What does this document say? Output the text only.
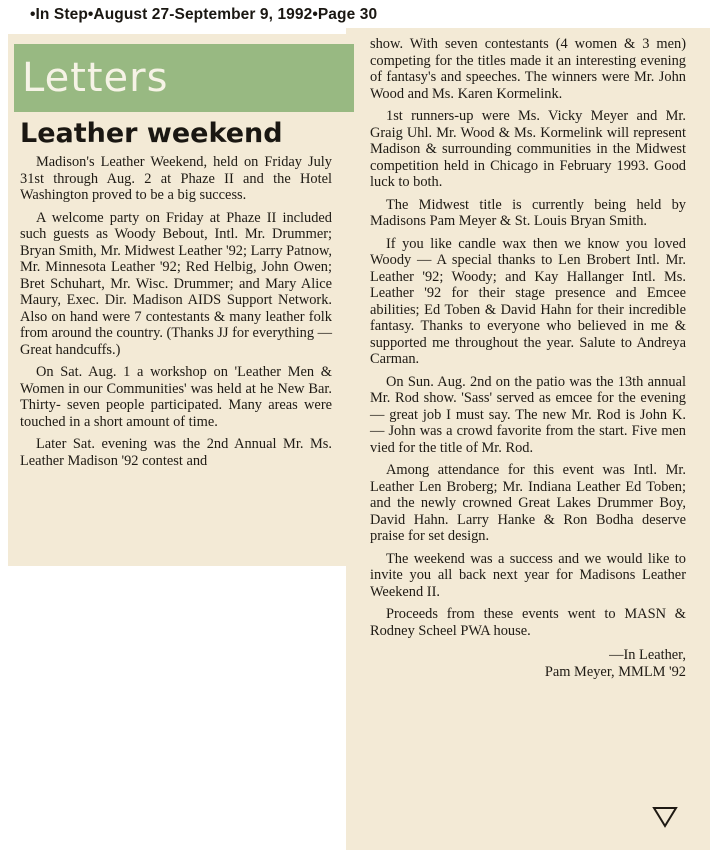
•In Step•August 27-September 9, 1992•Page 30
Letters
Leather weekend

Madison's Leather Weekend, held on Friday July 31st through Aug. 2 at Phaze II and the Hotel Washington proved to be a big success.

A welcome party on Friday at Phaze II included such guests as Woody Bebout, Intl. Mr. Drummer; Bryan Smith, Mr. Midwest Leather '92; Larry Patnow, Mr. Minnesota Leather '92; Red Helbig, John Owen; Bret Schuhart, Mr. Wisc. Drummer; and Mary Alice Maury, Exec. Dir. Madison AIDS Support Network. Also on hand were 7 contestants & many leather folk from around the country. (Thanks JJ for everything — Great handcuffs.)

On Sat. Aug. 1 a workshop on 'Leather Men & Women in our Communities' was held at he New Bar. Thirty- seven people participated. Many areas were touched in a short amount of time.

Later Sat. evening was the 2nd Annual Mr. Ms. Leather Madison '92 contest and

show. With seven contestants (4 women & 3 men) competing for the titles made it an interesting evening of fantasy's and speeches. The winners were Mr. John Wood and Ms. Karen Kormelink.

1st runners-up were Ms. Vicky Meyer and Mr. Graig Uhl. Mr. Wood & Ms. Kormelink will represent Madison & surrounding communities in the Midwest competition held in Chicago in February 1993. Good luck to both.

The Midwest title is currently being held by Madisons Pam Meyer & St. Louis Bryan Smith.

If you like candle wax then we know you loved Woody — A special thanks to Len Brobert Intl. Mr. Leather '92; Woody; and Kay Hallanger Intl. Ms. Leather '92 for their stage presence and Emcee abilities; Ed Toben & David Hahn for their incredible fantasy. Thanks to everyone who believed in me & supported me throughout the year. Salute to Andreya Carman.

On Sun. Aug. 2nd on the patio was the 13th annual Mr. Rod show. 'Sass' served as emcee for the evening — great job I must say. The new Mr. Rod is John K. — John was a crowd favorite from the start. Five men vied for the title of Mr. Rod.

Among attendance for this event was Intl. Mr. Leather Len Broberg; Mr. Indiana Leather Ed Toben; and the newly crowned Great Lakes Drummer Boy, David Hahn. Larry Hanke & Ron Bodha deserve praise for set design.

The weekend was a success and we would like to invite you all back next year for Madisons Leather Weekend II.

Proceeds from these events went to MASN & Rodney Scheel PWA house.

—In Leather,
Pam Meyer, MMLM '92
